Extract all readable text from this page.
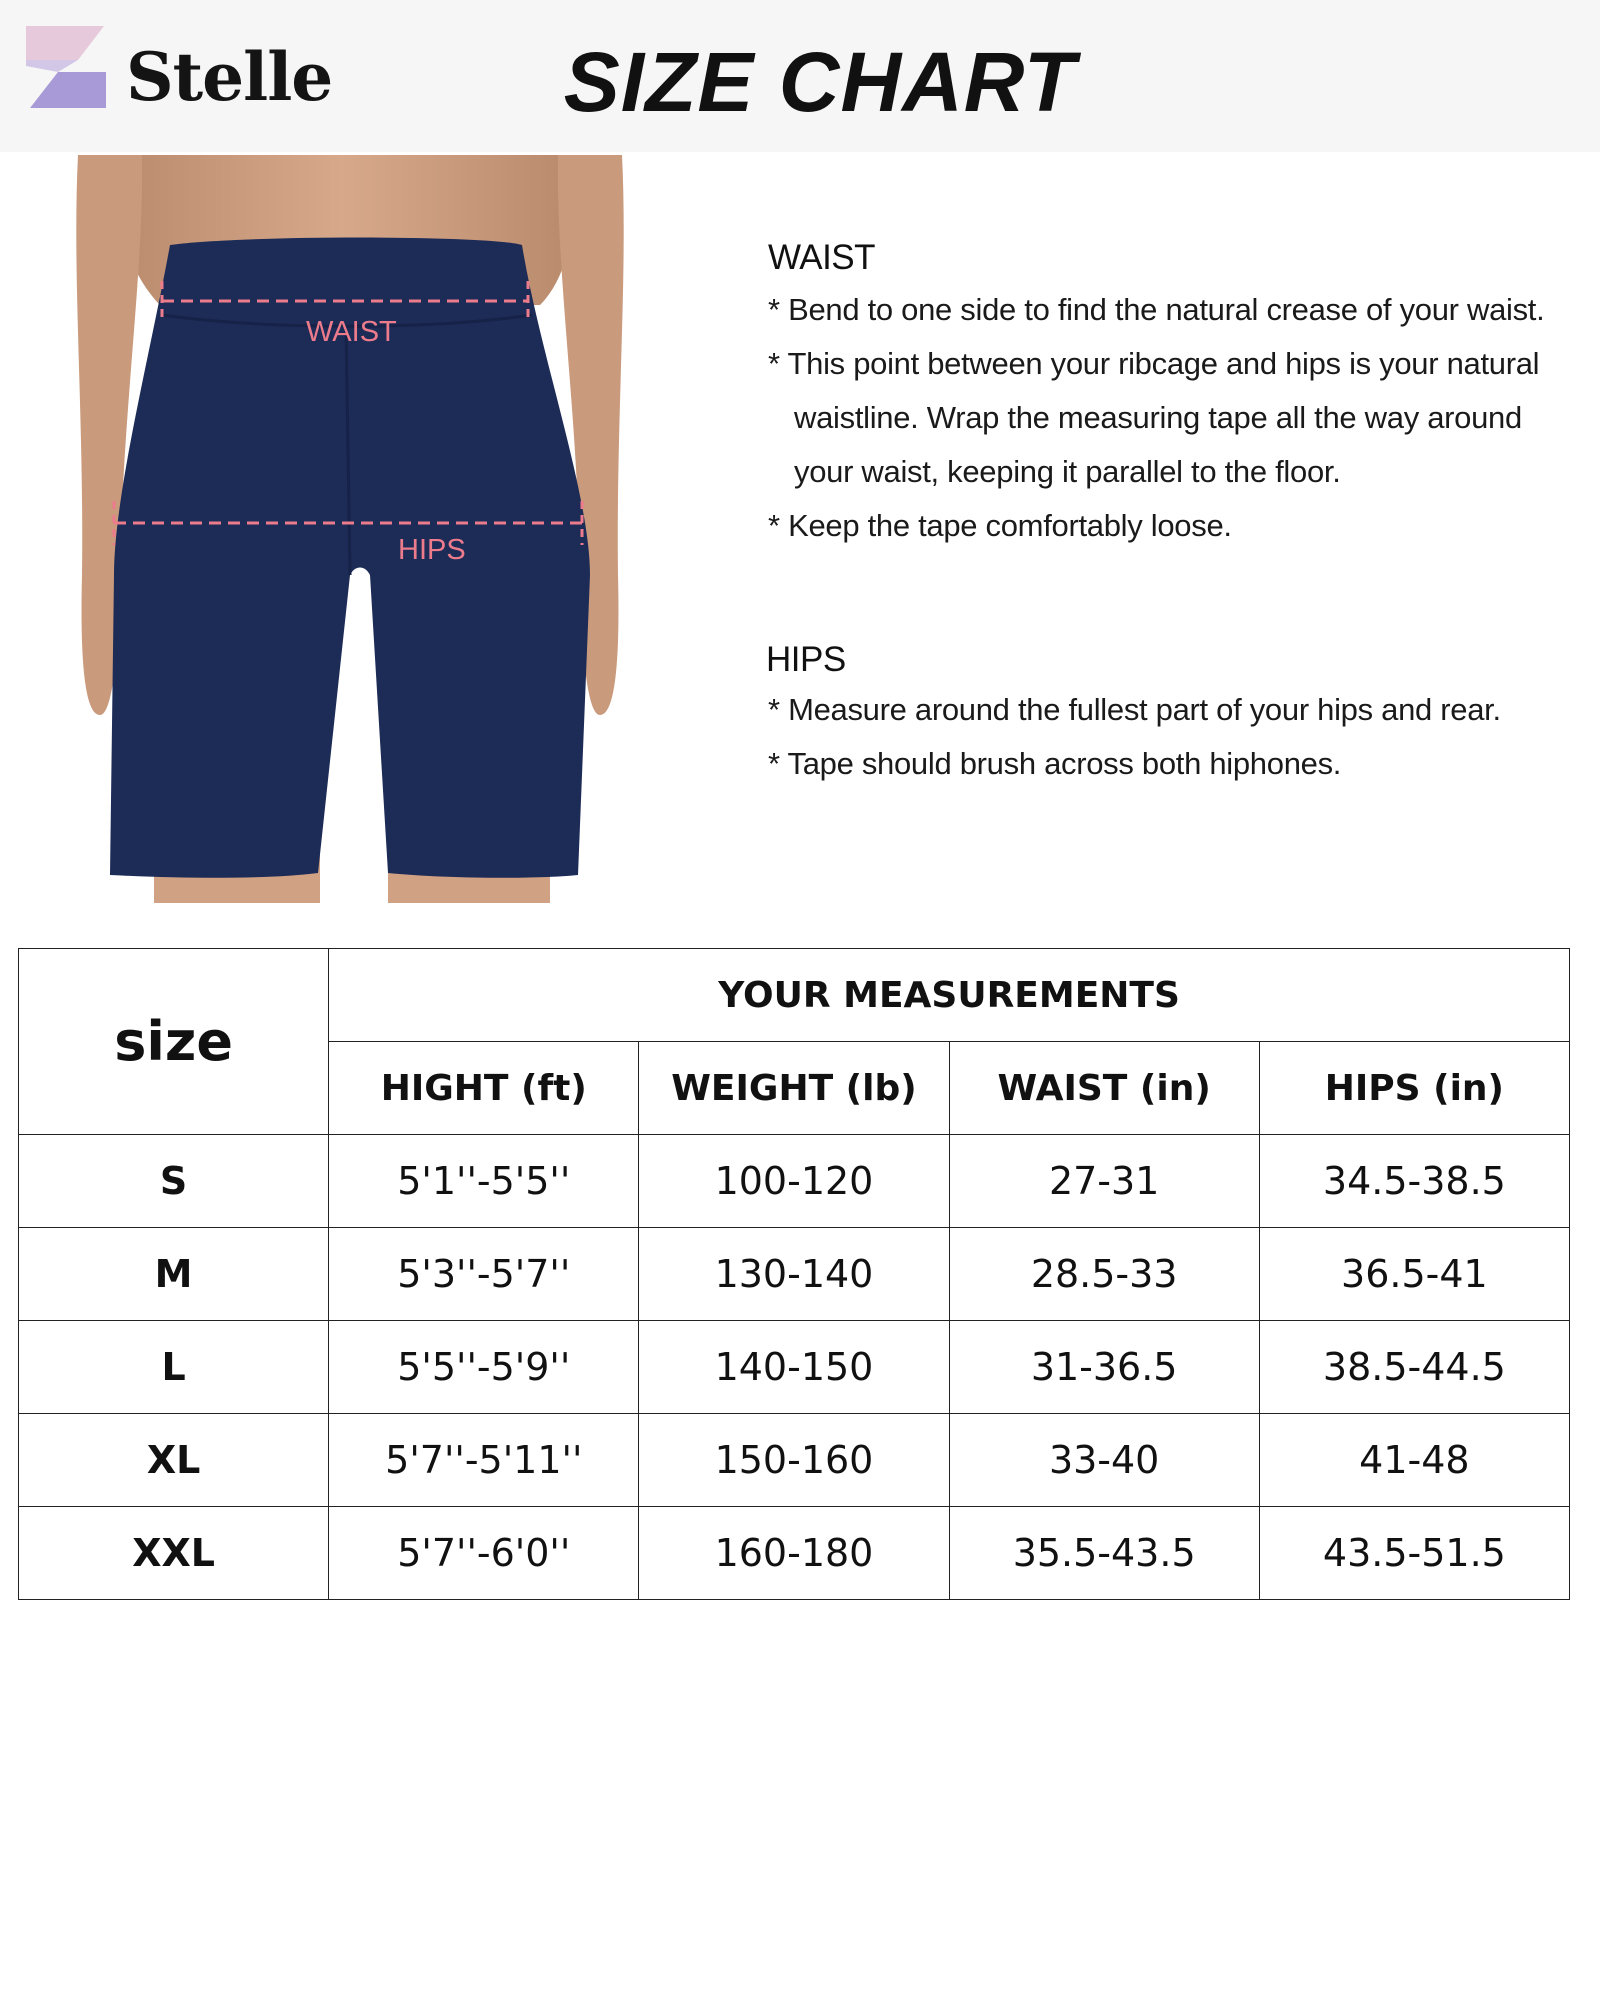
Stelle	SIZE CHART
WAIST
HIPS
WAIST
* Bend to one side to find the natural crease of your waist.
* This point between your ribcage and hips is your natural
waistline. Wrap the measuring tape all the way around
your waist, keeping it parallel to the floor.
* Keep the tape comfortably loose.
HIPS
* Measure around the fullest part of your hips and rear.
* Tape should brush across both hiphones.
size	YOUR MEASUREMENTS			
	HIGHT (ft)	WEIGHT (lb)	WAIST (in)	HIPS (in)
S	5'1''-5'5''	100-120	27-31	34.5-38.5
M	5'3''-5'7''	130-140	28.5-33	36.5-41
L	5'5''-5'9''	140-150	31-36.5	38.5-44.5
XL	5'7''-5'11''	150-160	33-40	41-48
XXL	5'7''-6'0''	160-180	35.5-43.5	43.5-51.5
